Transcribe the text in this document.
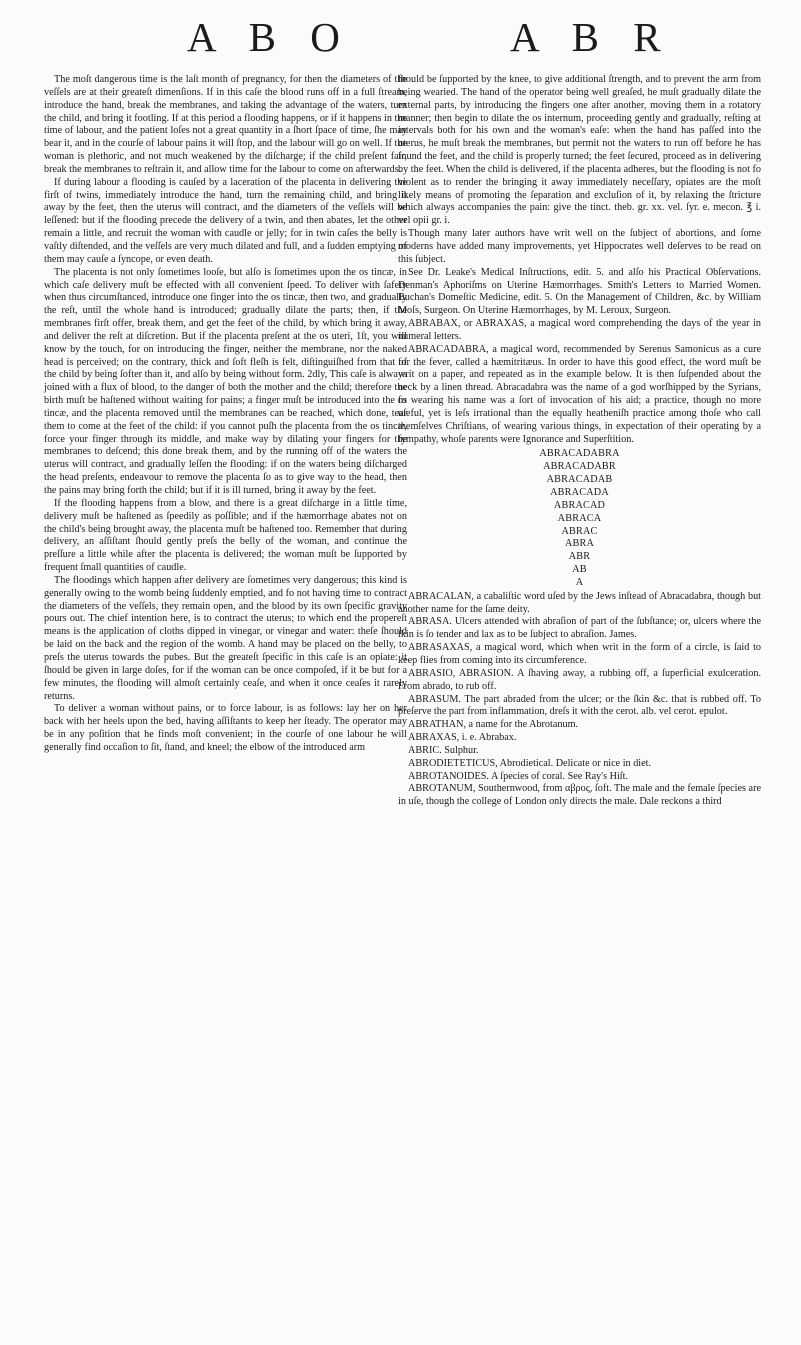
A B O	A B R

The moſt dangerous time is the laſt month of pregnancy, for then the diameters of the veſſels are at their greateſt dimenſions. If in this caſe the blood runs off in a full ſtream, introduce the hand, break the membranes, and taking the advantage of the waters, turn the child, and bring it footling. If at this period a flooding happens, or if it happens in the time of labour, and the patient loſes not a great quantity in a ſhort ſpace of time, ſhe may bear it, and in the courſe of labour pains it will ſtop, and the labour will go on well. If the woman is plethoric, and not much weakened by the diſcharge; if the child preſent fair, break the membranes to reſtrain it, and allow time for the labour to come on afterwards.

If during labour a flooding is cauſed by a laceration of the placenta in delivering the firſt of twins, immediately introduce the hand, turn the remaining child, and bring it away by the feet, then the uterus will contract, and the diameters of the veſſels will be leſſened: but if the flooding precede the delivery of a twin, and then abates, let the other remain a little, and recruit the woman with caudle or jelly; for in twin caſes the belly is vaſtly diſtended, and the veſſels are very much dilated and full, and a ſudden emptying of them may cauſe a ſyncope, or even death.

The placenta is not only ſometimes looſe, but alſo is ſometimes upon the os tincæ, in which caſe delivery muſt be effected with all convenient ſpeed. To deliver with ſafety when thus circumſtanced, introduce one finger into the os tincæ, then two, and gradually the reſt, until the whole hand is introduced; gradually dilate the parts; then, if the membranes firſt offer, break them, and get the feet of the child, by which bring it away, and deliver the reſt at diſcretion. But if the placenta preſent at the os uteri, 1ſt, you will know by the touch, for on introducing the finger, neither the membrane, nor the naked head is perceived; on the contrary, thick and ſoft fleſh is felt, diſtinguiſhed from that of the child by being ſofter than it, and alſo by being without form. 2dly, This caſe is always joined with a flux of blood, to the danger of both the mother and the child; therefore the birth muſt be haſtened without waiting for pains; a finger muſt be introduced into the os tincæ, and the placenta removed until the membranes can be reached, which done, tear them to come at the feet of the child: if you cannot puſh the placenta from the os tincæ, force your finger through its middle, and make way by dilating your fingers for the membranes to deſcend; this done break them, and by the running off of the waters the uterus will contract, and gradually leſſen the flooding: if on the waters being diſcharged the head preſents, endeavour to remove the placenta ſo as to give way to the head, then the pains may bring forth the child; but if it is ill turned, bring it away by the feet.

If the flooding happens from a blow, and there is a great diſcharge in a little time, delivery muſt be haſtened as ſpeedily as poſſible; and if the hæmorrhage abates not on the child's being brought away, the placenta muſt be haſtened too. Remember that during delivery, an aſſiſtant ſhould gently preſs the belly of the woman, and continue the preſſure a little while after the placenta is delivered; the woman muſt be ſupported by frequent ſmall quantities of caudle.

The floodings which happen after delivery are ſometimes very dangerous; this kind is generally owing to the womb being ſuddenly emptied, and fo not having time to contract the diameters of the veſſels, they remain open, and the blood by its own ſpecific gravity pours out. The chief intention here, is to contract the uterus; to which end the propereſt means is the application of cloths dipped in vinegar, or vinegar and water: theſe ſhould be laid on the back and the region of the womb. A hand may be placed on the belly, to preſs the uterus towards the pubes. But the greateſt ſpecific in this caſe is an opiate: it ſhould be given in large doſes, for if the woman can be once compoſed, if it be but for a few minutes, the flooding will almoſt certainly ceaſe, and when it once ceaſes it rarely returns.

To deliver a woman without pains, or to force labour, is as follows: lay her on her back with her heels upon the bed, having aſſiſtants to keep her ſteady. The operator may be in any poſition that he finds moſt convenient; in the courſe of one labour he will generally find occaſion to ſit, ſtand, and kneel; the elbow of the introduced arm

ſhould be ſupported by the knee, to give additional ſtrength, and to prevent the arm from being wearied. The hand of the operator being well greaſed, he muſt gradually dilate the external parts, by introducing the fingers one after another, moving them in a rotatory manner; then begin to dilate the os internum, proceeding gently and gradually, reſting at intervals both for his own and the woman's eaſe: when the hand has paſſed into the uterus, he muſt break the membranes, but permit not the waters to run off before he has found the feet, and the child is properly turned; the feet ſecured, proceed as in delivering by the feet. When the child is delivered, if the placenta adheres, but the flooding is not fo violent as to render the bringing it away immediately neceſſary, opiates are the moſt likely means of promoting the ſeparation and excluſion of it, by relaxing the ſtricture which always accompanies the pain: give the tinct. theb. gr. xx. vel. ſyr. e. mecon. ℥ i. vel opii gr. i.

Though many later authors have writ well on the ſubject of abortions, and ſome moderns have added many improvements, yet Hippocrates well deſerves to be read on this ſubject.

See Dr. Leake's Medical Inſtructions, edit. 5. and alſo his Practical Obſervations. Denman's Aphoriſms on Uterine Hæmorrhages. Smith's Letters to Married Women. Buchan's Domeſtic Medicine, edit. 5. On the Management of Children, &c. by William Moſs, Surgeon. On Uterine Hæmorrhages, by M. Leroux, Surgeon.

ABRABAX, or ABRAXAS, a magical word comprehending the days of the year in numeral letters.

ABRACADABRA, a magical word, recommended by Serenus Samonicus as a cure for the fever, called a hæmitritæus. In order to have this good effect, the word muſt be writ on a paper, and repeated as in the example below. It is then ſuſpended about the neck by a linen thread. Abracadabra was the name of a god worſhipped by the Syrians, fo wearing his name was a ſort of invocation of his aid; a practice, though no more uſeful, yet is leſs irrational than the equally heatheniſh practice among thoſe who call themſelves Chriſtians, of wearing various things, in expectation of their operating by a ſympathy, whoſe parents were Ignorance and Superſtition.

ABRACADABRA
ABRACADABR
ABRACADAB
ABRACADA
ABRACAD
ABRACA
ABRAC
ABRA
ABR
AB
A

ABRACALAN, a cabaliſtic word uſed by the Jews inſtead of Abracadabra, though but another name for the ſame deity.

ABRASA. Ulcers attended with abraſion of part of the ſubſtance; or, ulcers where the ſkin is ſo tender and lax as to be ſubject to abraſion. James.

ABRASAXAS, a magical word, which when writ in the form of a circle, is ſaid to keep flies from coming into its circumference.

ABRASIO, ABRASION. A ſhaving away, a rubbing off, a ſuperficial exulceration. From abrado, to rub off.

ABRASUM. The part abraded from the ulcer; or the ſkin &c. that is rubbed off. To preſerve the part from inflammation, dreſs it with the cerot. alb. vel cerot. epulot.

ABRATHAN, a name for the Abrotanum.

ABRAXAS, i. e. Abrabax.

ABRIC. Sulphur.

ABRODIETETICUS, Abrodietical. Delicate or nice in diet.

ABROTANOIDES. A ſpecies of coral. See Ray's Hiſt.

ABROTANUM, Southernwood, from αβρος, ſoft. The male and the female ſpecies are in uſe, though the college of London only directs the male. Dale reckons a third
